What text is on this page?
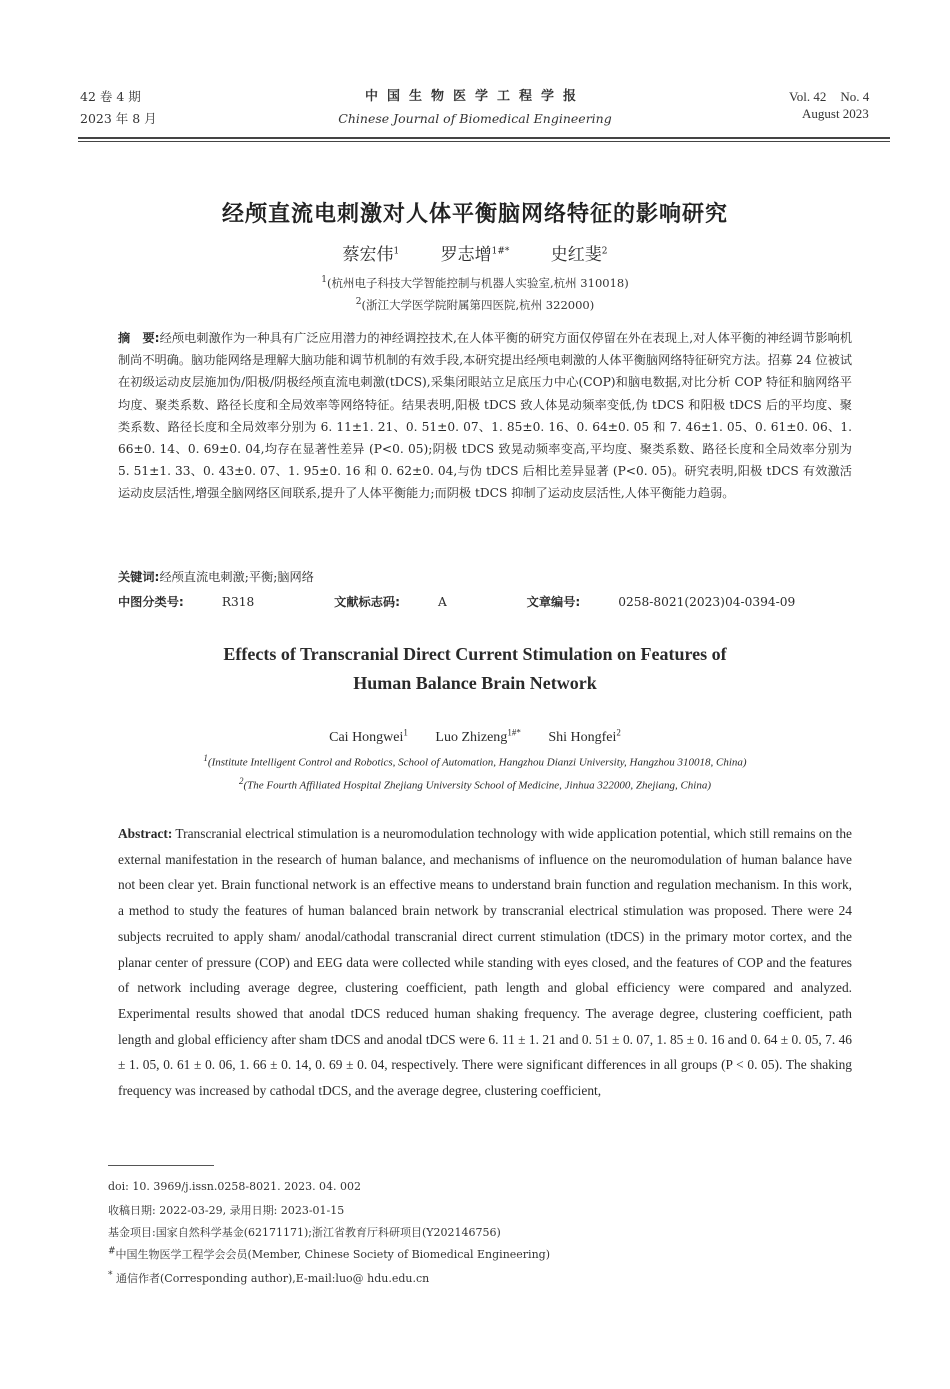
42 卷 4 期
2023 年 8 月
中国生物医学工程学报
Chinese Journal of Biomedical Engineering
Vol. 42 No. 4
August 2023
经颅直流电刺激对人体平衡脑网络特征的影响研究
蔡宏伟$^1$ 罗志增$^{1\#*}$ 史红斐$^2$
$^1$(杭州电子科技大学智能控制与机器人实验室,杭州 310018)
$^2$(浙江大学医学院附属第四医院,杭州 322000)
摘　要:经颅电刺激作为一种具有广泛应用潜力的神经调控技术,在人体平衡的研究方面仅停留在外在表现上,对人体平衡的神经调节影响机制尚不明确。脑功能网络是理解大脑功能和调节机制的有效手段,本研究提出经颅电刺激的人体平衡脑网络特征研究方法。招募 24 位被试在初级运动皮层施加伪/阳极/阴极经颅直流电刺激(tDCS),采集闭眼站立足底压力中心(COP)和脑电数据,对比分析 COP 特征和脑网络平均度、聚类系数、路径长度和全局效率等网络特征。结果表明,阳极 tDCS 致人体晃动频率变低,伪 tDCS 和阳极 tDCS 后的平均度、聚类系数、路径长度和全局效率分别为 6. 11±1. 21、0. 51±0. 07、1. 85±0. 16、0. 64±0. 05 和 7. 46±1. 05、0. 61±0. 06、1. 66±0. 14、0. 69±0. 04,均存在显著性差异 (P<0. 05);阴极 tDCS 致晃动频率变高,平均度、聚类系数、路径长度和全局效率分别为 5. 51±1. 33、0. 43±0. 07、1. 95±0. 16 和 0. 62±0. 04,与伪 tDCS 后相比差异显著 (P<0. 05)。研究表明,阳极 tDCS 有效激活运动皮层活性,增强全脑网络区间联系,提升了人体平衡能力;而阴极 tDCS 抑制了运动皮层活性,人体平衡能力趋弱。
关键词:经颅直流电刺激;平衡;脑网络
中图分类号:	R318	文献标志码:	A	文章编号:	0258-8021(2023)04-0394-09
Effects of Transcranial Direct Current Stimulation on Features of
Human Balance Brain Network
Cai Hongwei$^1$ Luo Zhizeng$^{1\#*}$ Shi Hongfei$^2$
$^1$(Institute Intelligent Control and Robotics, School of Automation, Hangzhou Dianzi University, Hangzhou 310018, China)
$^2$(The Fourth Affiliated Hospital Zhejiang University School of Medicine, Jinhua 322000, Zhejiang, China)
Abstract: Transcranial electrical stimulation is a neuromodulation technology with wide application potential, which still remains on the external manifestation in the research of human balance, and mechanisms of influence on the neuromodulation of human balance have not been clear yet. Brain functional network is an effective means to understand brain function and regulation mechanism. In this work, a method to study the features of human balanced brain network by transcranial electrical stimulation was proposed. There were 24 subjects recruited to apply sham/ anodal/cathodal transcranial direct current stimulation (tDCS) in the primary motor cortex, and the planar center of pressure (COP) and EEG data were collected while standing with eyes closed, and the features of COP and the features of network including average degree, clustering coefficient, path length and global efficiency were compared and analyzed. Experimental results showed that anodal tDCS reduced human shaking frequency. The average degree, clustering coefficient, path length and global efficiency after sham tDCS and anodal tDCS were 6. 11 ± 1. 21 and 0. 51 ± 0. 07, 1. 85 ± 0. 16 and 0. 64 ± 0. 05, 7. 46 ± 1. 05, 0. 61 ± 0. 06, 1. 66 ± 0. 14, 0. 69 ± 0. 04, respectively. There were significant differences in all groups (P < 0. 05). The shaking frequency was increased by cathodal tDCS, and the average degree, clustering coefficient,
doi: 10. 3969/j.issn.0258-8021. 2023. 04. 002
收稿日期: 2022-03-29, 录用日期: 2023-01-15
基金项目:国家自然科学基金(62171171);浙江省教育厅科研项目(Y202146756)
#中国生物医学工程学会会员(Member, Chinese Society of Biomedical Engineering)
* 通信作者(Corresponding author),E-mail:luo@ hdu.edu.cn
